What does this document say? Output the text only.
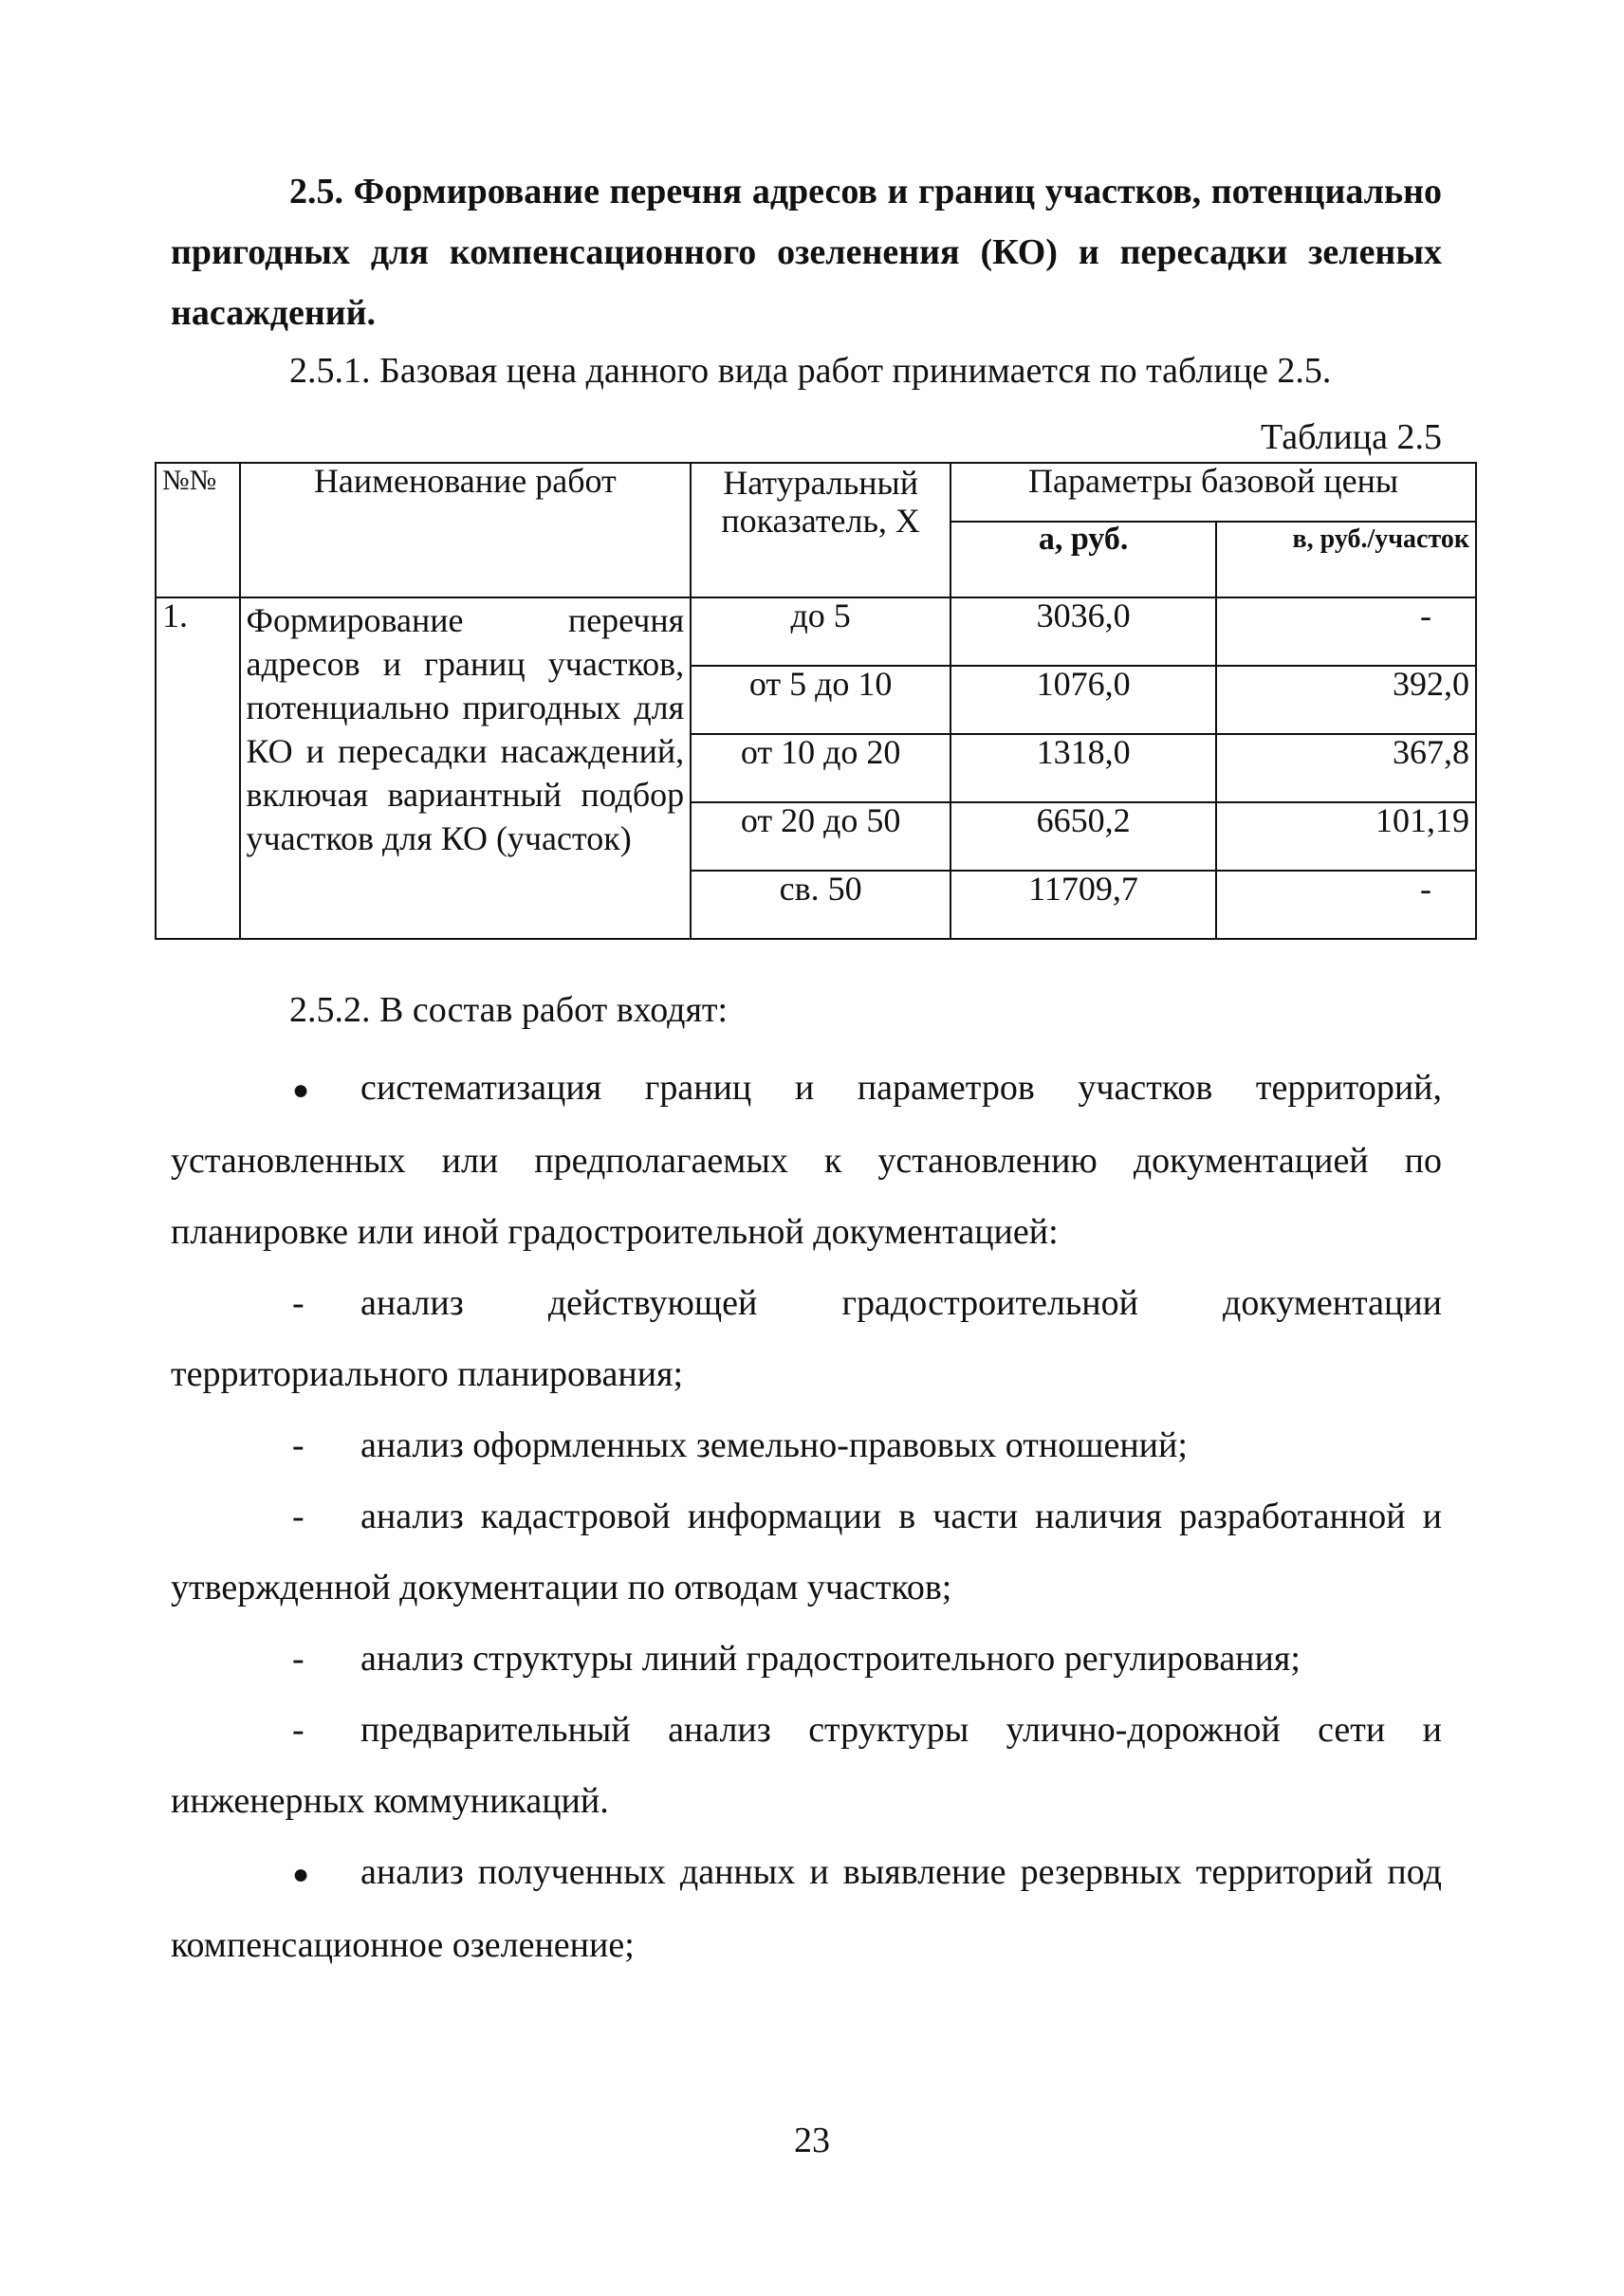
2.5. Формирование перечня адресов и границ участков, потенциально пригодных для компенсационного озеленения (КО) и пересадки зеленых насаждений.

2.5.1. Базовая цена данного вида работ принимается по таблице 2.5.

Таблица 2.5
№№	Наименование работ	Натуральный показатель, X	Параметры базовой цены	
			а, руб.	в, руб./участок
1.	Формирование перечня адресов и границ участков, потенциально пригодных для КО и пересадки насаждений, включая вариантный подбор участков для КО (участок)	до 5	3036,0	-
		от 5 до 10	1076,0	392,0
		от 10 до 20	1318,0	367,8
		от 20 до 50	6650,2	101,19
		св. 50	11709,7	-

2.5.2. В состав работ входят:

● систематизация границ и параметров участков территорий, установленных или предполагаемых к установлению документацией по планировке или иной градостроительной документацией:
- анализ действующей градостроительной документации территориального планирования;
- анализ оформленных земельно-правовых отношений;
- анализ кадастровой информации в части наличия разработанной и утвержденной документации по отводам участков;
- анализ структуры линий градостроительного регулирования;
- предварительный анализ структуры улично-дорожной сети и инженерных коммуникаций.
● анализ полученных данных и выявление резервных территорий под компенсационное озеленение;
23
